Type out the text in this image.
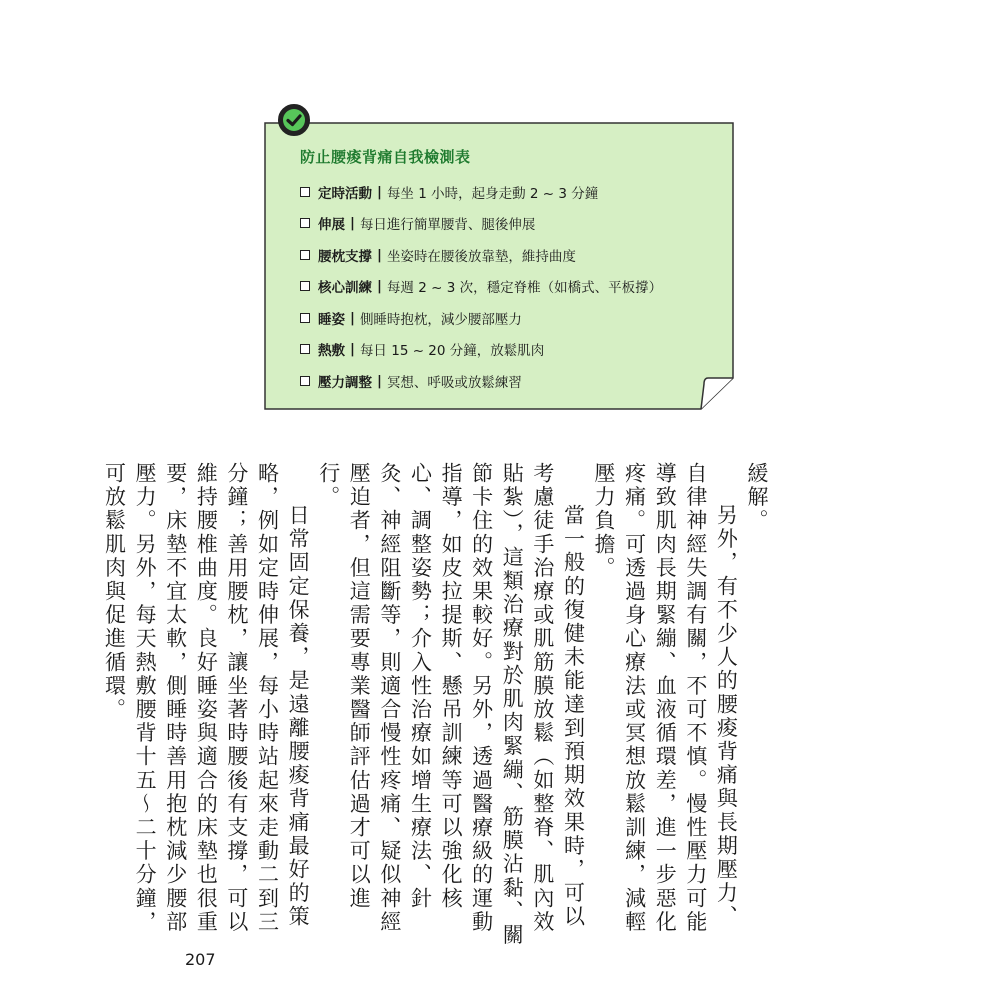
防止腰痠背痛自我檢測表
定時活動 | 每坐 1 小時，起身走動 2 ~ 3 分鐘
伸展 | 每日進行簡單腰背、腿後伸展
腰枕支撐 | 坐姿時在腰後放靠墊，維持曲度
核心訓練 | 每週 2 ~ 3 次，穩定脊椎（如橋式、平板撐）
睡姿 | 側睡時抱枕，減少腰部壓力
熱敷 | 每日 15 ~ 20 分鐘，放鬆肌肉
壓力調整 | 冥想、呼吸或放鬆練習

緩解。

另外，有不少人的腰痠背痛與長期壓力、自律神經失調有關，不可不慎。慢性壓力可能導致肌肉長期緊繃、血液循環差，進一步惡化疼痛。可透過身心療法或冥想放鬆訓練，減輕壓力負擔。

當一般的復健未能達到預期效果時，可以考慮徒手治療或肌筋膜放鬆（如整脊、肌內效貼紮），這類治療對於肌肉緊繃、筋膜沾黏、關節卡住的效果較好。另外，透過醫療級的運動指導，如皮拉提斯、懸吊訓練等可以強化核心、調整姿勢；介入性治療如增生療法、針灸、神經阻斷等，則適合慢性疼痛、疑似神經壓迫者，但這需要專業醫師評估過才可以進行。

日常固定保養，是遠離腰痠背痛最好的策略，例如定時伸展，每小時站起來走動二到三分鐘；善用腰枕，讓坐著時腰後有支撐，可以維持腰椎曲度。良好睡姿與適合的床墊也很重要，床墊不宜太軟，側睡時善用抱枕減少腰部壓力。另外，每天熱敷腰背十五～二十分鐘，可放鬆肌肉與促進循環。

207
